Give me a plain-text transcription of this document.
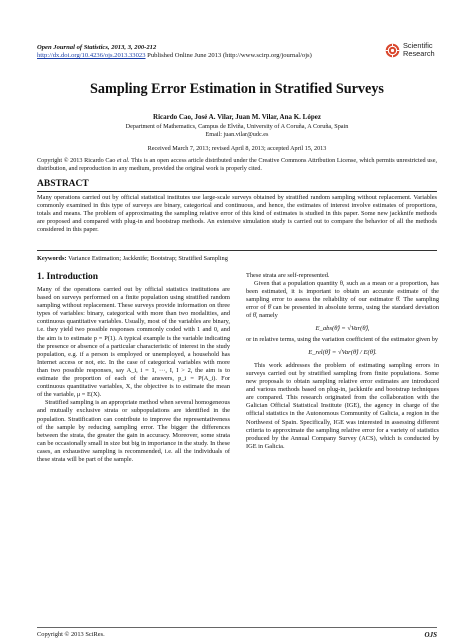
Open Journal of Statistics, 2013, 3, 200-212
http://dx.doi.org/10.4236/ojs.2013.33023 Published Online June 2013 (http://www.scirp.org/journal/ojs)
Scientific
Research
Sampling Error Estimation in Stratified Surveys
Ricardo Cao, José A. Vilar, Juan M. Vilar, Ana K. López
Department of Mathematics, Campus de Elviña, University of A Coruña, A Coruña, Spain
Email: juan.vilar@udc.es
Received March 7, 2013; revised April 8, 2013; accepted April 15, 2013
Copyright © 2013 Ricardo Cao et al. This is an open access article distributed under the Creative Commons Attribution License, which permits unrestricted use, distribution, and reproduction in any medium, provided the original work is properly cited.
ABSTRACT
Many operations carried out by official statistical institutes use large-scale surveys obtained by stratified random sampling without replacement. Variables commonly examined in this type of surveys are binary, categorical and continuous, and hence, the estimates of interest involve estimates of proportions, totals and means. The problem of approximating the sampling relative error of this kind of estimates is studied in this paper. Some new jackknife methods are proposed and compared with plug-in and bootstrap methods. An extensive simulation study is carried out to compare the behavior of all the methods considered in this paper.
Keywords: Variance Estimation; Jackknife; Bootstrap; Stratified Sampling
1. Introduction

Many of the operations carried out by official statistics institutions are based on surveys performed on a finite population using stratified random sampling without replacement. These surveys provide information on three types of variables: binary, categorical with more than two modalities, and continuous quantitative variables. Usually, most of the variables are binary, i.e. they yield two possible responses commonly coded with 1 and 0, and the aim is to estimate p = P(1). A typical example is the variable indicating the presence or absence of a particular characteristic of interest in the study population, e.g. if a person is employed or unemployed, a household has Internet access or not, etc. In the case of categorical variables with more than two possible responses, say A_i, i = 1, ···, I, I > 2, the aim is to estimate the proportion of each of the answers, p_i = P(A_i). For continuous quantitative variables, X, the objective is to estimate the mean of the variable, μ = E(X).

Stratified sampling is an appropriate method when several homogeneous and mutually exclusive strata or subpopulations are identified in the population. Stratification can contribute to improve the representativeness of the sample by reducing sampling error. The bigger the differences between the strata, the greater the gain in accuracy. Moreover, some strata can be occasionally small in size but big in importance in the study. In these cases, an exhaustive sampling is recommended, i.e. all the individuals of these strata will be part of the sample.

These strata are self-represented.

Given that a population quantity θ, such as a mean or a proportion, has been estimated, it is important to obtain an accurate estimate of the sampling error to assess the reliability of our estimator θ̂. The sampling error of θ̂ can be presented in absolute terms, using the standard deviation of θ̂, namely

E_abs(θ̂) = √Var(θ̂),

or in relative terms, using the variation coefficient of the estimator given by

E_rel(θ̂) = √Var(θ̂) / E(θ̂).

This work addresses the problem of estimating sampling errors in surveys carried out by stratified sampling from finite populations. Some new proposals to obtain sampling relative error estimates are introduced and various methods based on plug-in, jackknife and bootstrap techniques are compared. This research originated from the collaboration with the Galician Official Statistical Institute (IGE), the agency in charge of the official statistics in the Autonomous Community of Galicia, a region in the Northwest of Spain. Specifically, IGE was interested in assessing different criteria to approximate the sampling relative error for a variety of statistics produced by the Annual Company Survey (ACS), which is conducted by IGE in Galicia.

Copyright © 2013 SciRes.	OJS
